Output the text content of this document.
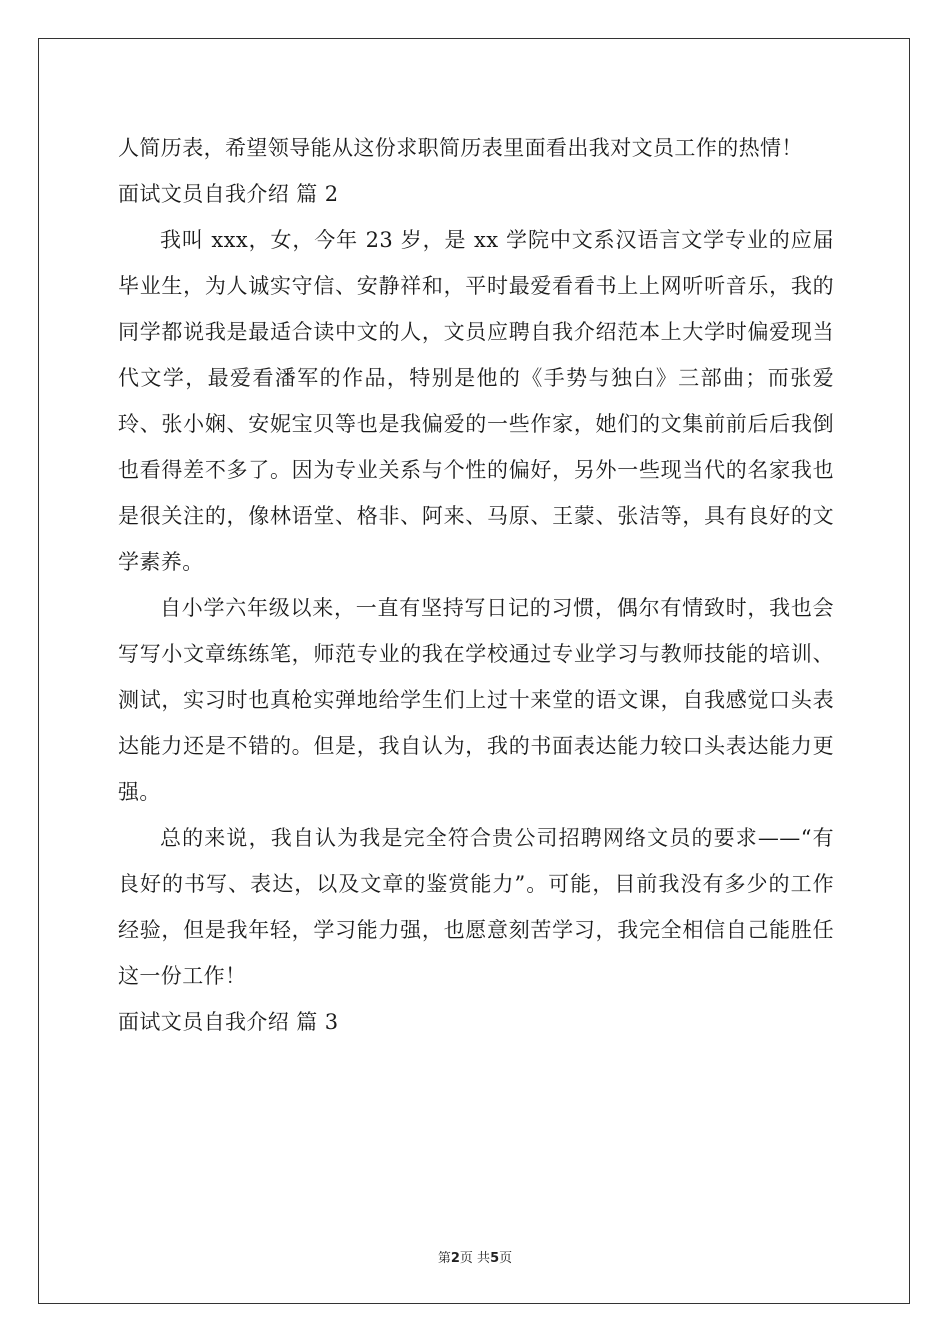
人简历表，希望领导能从这份求职简历表里面看出我对文员工作的热情！

面试文员自我介绍 篇 2

我叫 xxx，女，今年 23 岁，是 xx 学院中文系汉语言文学专业的应届毕业生，为人诚实守信、安静祥和，平时最爱看看书上上网听听音乐，我的同学都说我是最适合读中文的人，文员应聘自我介绍范本上大学时偏爱现当代文学，最爱看潘军的作品，特别是他的《手势与独白》三部曲；而张爱玲、张小娴、安妮宝贝等也是我偏爱的一些作家，她们的文集前前后后我倒也看得差不多了。因为专业关系与个性的偏好，另外一些现当代的名家我也是很关注的，像林语堂、格非、阿来、马原、王蒙、张洁等，具有良好的文学素养。

自小学六年级以来，一直有坚持写日记的习惯，偶尔有情致时，我也会写写小文章练练笔，师范专业的我在学校通过专业学习与教师技能的培训、测试，实习时也真枪实弹地给学生们上过十来堂的语文课，自我感觉口头表达能力还是不错的。但是，我自认为，我的书面表达能力较口头表达能力更强。

总的来说，我自认为我是完全符合贵公司招聘网络文员的要求——“有良好的书写、表达，以及文章的鉴赏能力”。可能，目前我没有多少的工作经验，但是我年轻，学习能力强，也愿意刻苦学习，我完全相信自己能胜任这一份工作！

面试文员自我介绍 篇 3

第2页 共5页
